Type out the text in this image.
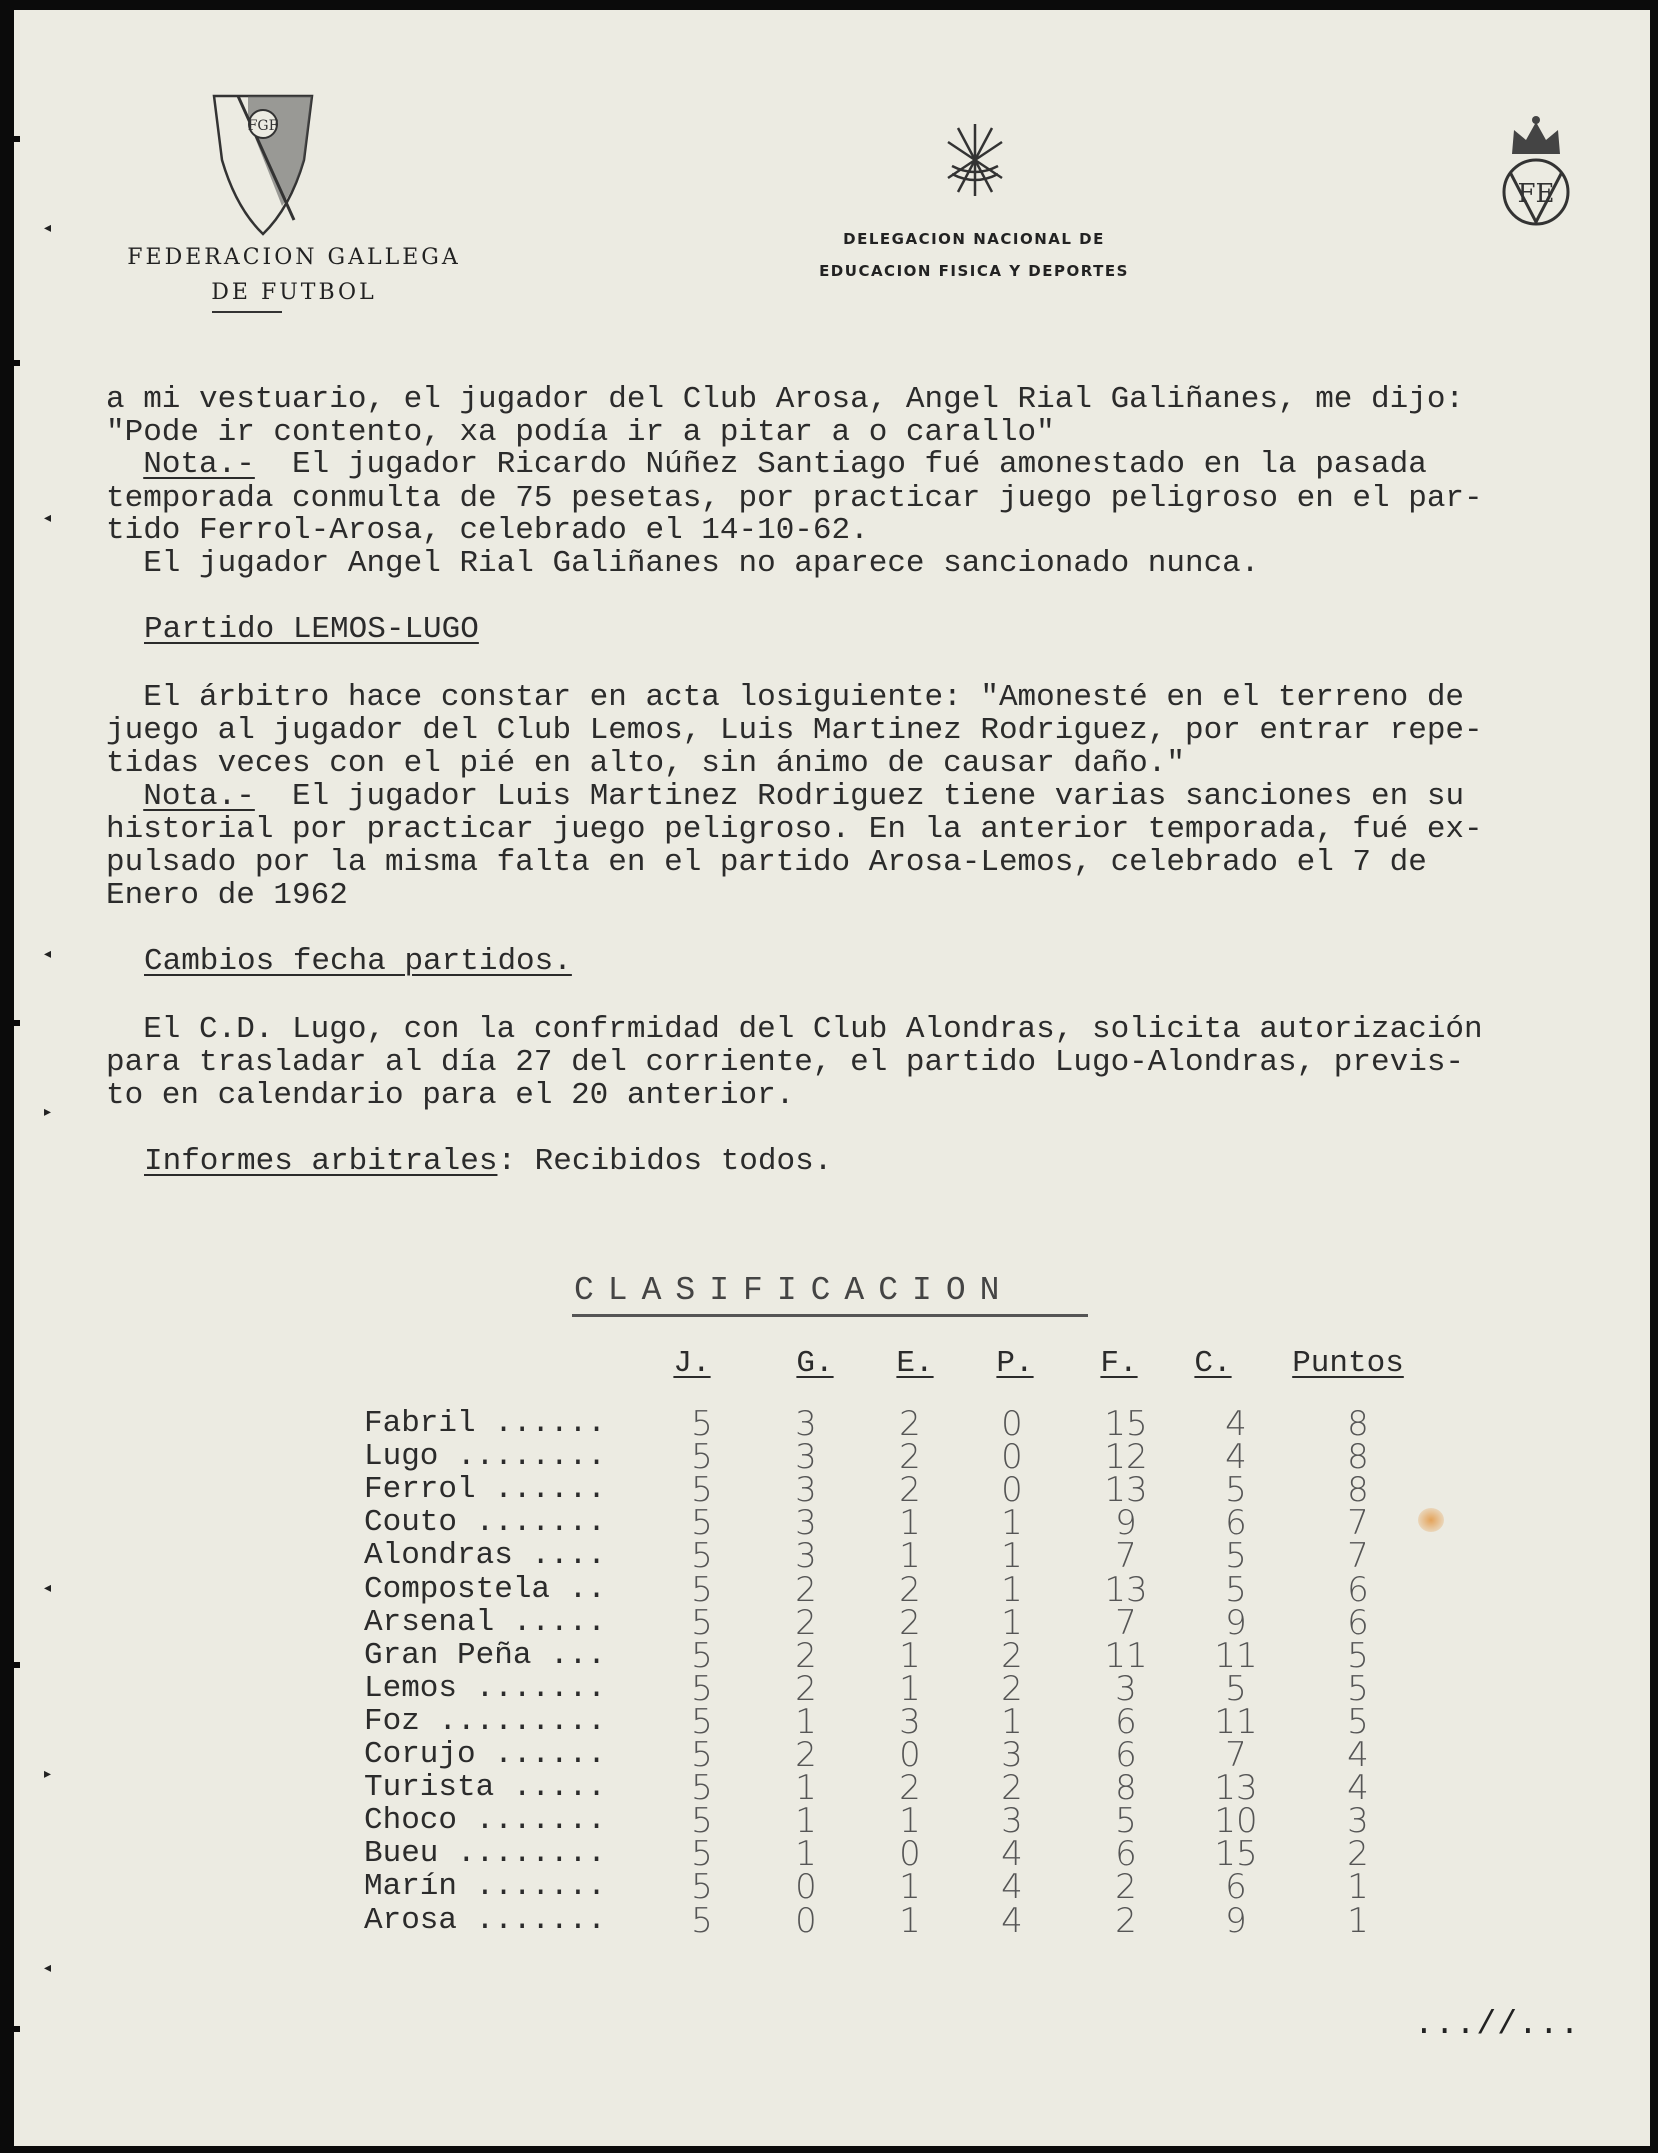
◂
◂
◂
▸
◂
▸
◂
FGF
FEDERACION GALLEGA
DE FUTBOL
DELEGACION NACIONAL DE
EDUCACION FISICA Y DEPORTES
FE
a mi vestuario, el jugador del Club Arosa, Angel Rial Galiñanes, me dijo:
"Pode ir contento, xa podía ir a pitar a o carallo"
Nota.-  El jugador Ricardo Núñez Santiago fué amonestado en la pasada
temporada conmulta de 75 pesetas, por practicar juego peligroso en el par-
tido Ferrol-Arosa, celebrado el 14-10-62.
El jugador Angel Rial Galiñanes no aparece sancionado nunca.
Partido LEMOS-LUGO
El árbitro hace constar en acta losiguiente: "Amonesté en el terreno de
juego al jugador del Club Lemos, Luis Martinez Rodriguez, por entrar repe-
tidas veces con el pié en alto, sin ánimo de causar daño."
Nota.-  El jugador Luis Martinez Rodriguez tiene varias sanciones en su
historial por practicar juego peligroso. En la anterior temporada, fué ex-
pulsado por la misma falta en el partido Arosa-Lemos, celebrado el 7 de
Enero de 1962
Cambios fecha partidos.
El C.D. Lugo, con la confrmidad del Club Alondras, solicita autorización
para trasladar al día 27 del corriente, el partido Lugo-Alondras, previs-
to en calendario para el 20 anterior.
Informes arbitrales: Recibidos todos.
CLASIFICACION
J.	G. E. P. F. C. Puntos
Fabril ......	5	3	2	0	15	4	8
Lugo ........	5	3	2	0	12	4	8
Ferrol ......	5	3	2	0	13	5	8
Couto .......	5	3	1	1	9	6	7
Alondras ....	5	3	1	1	7	5	7
Compostela ..	5	2	2	1	13	5	6
Arsenal .....	5	2	2	1	7	9	6
Gran Peña ...	5	2	1	2	11 11	5
Lemos .......	5	2	1	2	3	5	5
Foz .........	5	1	3	1	6	11	5
Corujo ......	5	2	0	3	6	7	4
Turista .....	5	1	2	2	8	13	4
Choco .......	5	1	1	3	5	10	3
Bueu ........	5	1	0	4	6	15	2
Marín .......	5	0	1	4	2	6	1
Arosa .......	5	0	1	4	2	9	1
...//...
